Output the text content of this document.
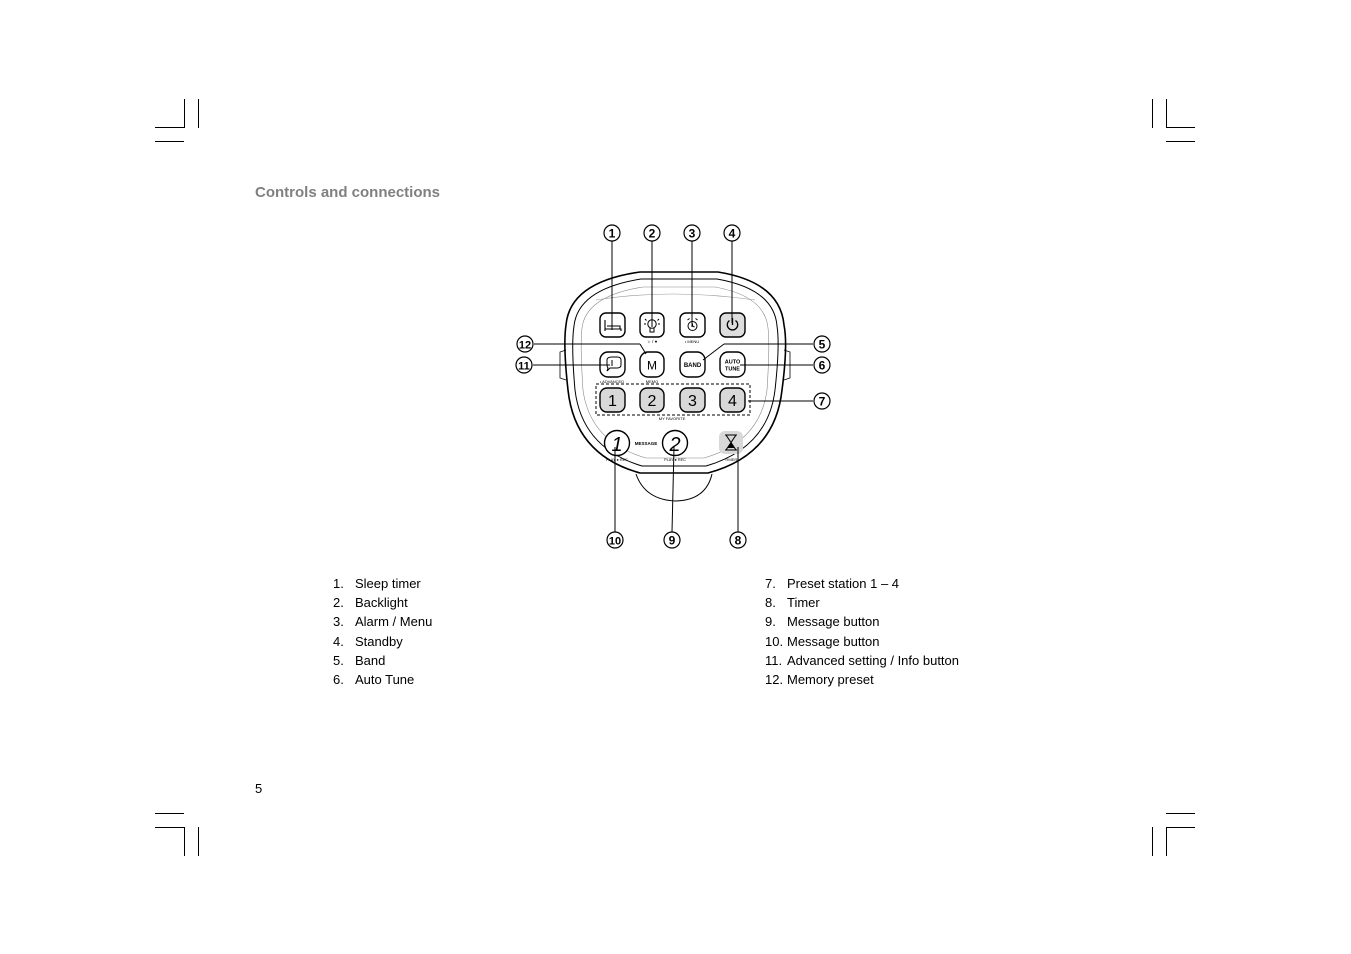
Controls and connections
☼ / ●	• MENU
• ADVANCED
M
MEMO
BAND
AUTO
TUNE
1 2 3 4
MY FAVORITE
1 2
MESSAGE
PLAY ● REC	PLAY ● REC	TIMER
1	2	3	4
5
6
7
8
9
10
11
12
1. Sleep timer
2. Backlight
3. Alarm / Menu
4. Standby
5. Band
6. Auto Tune
7. Preset station 1 – 4
8. Timer
9. Message button
10. Message button
11. Advanced setting / Info button
12. Memory preset
5
